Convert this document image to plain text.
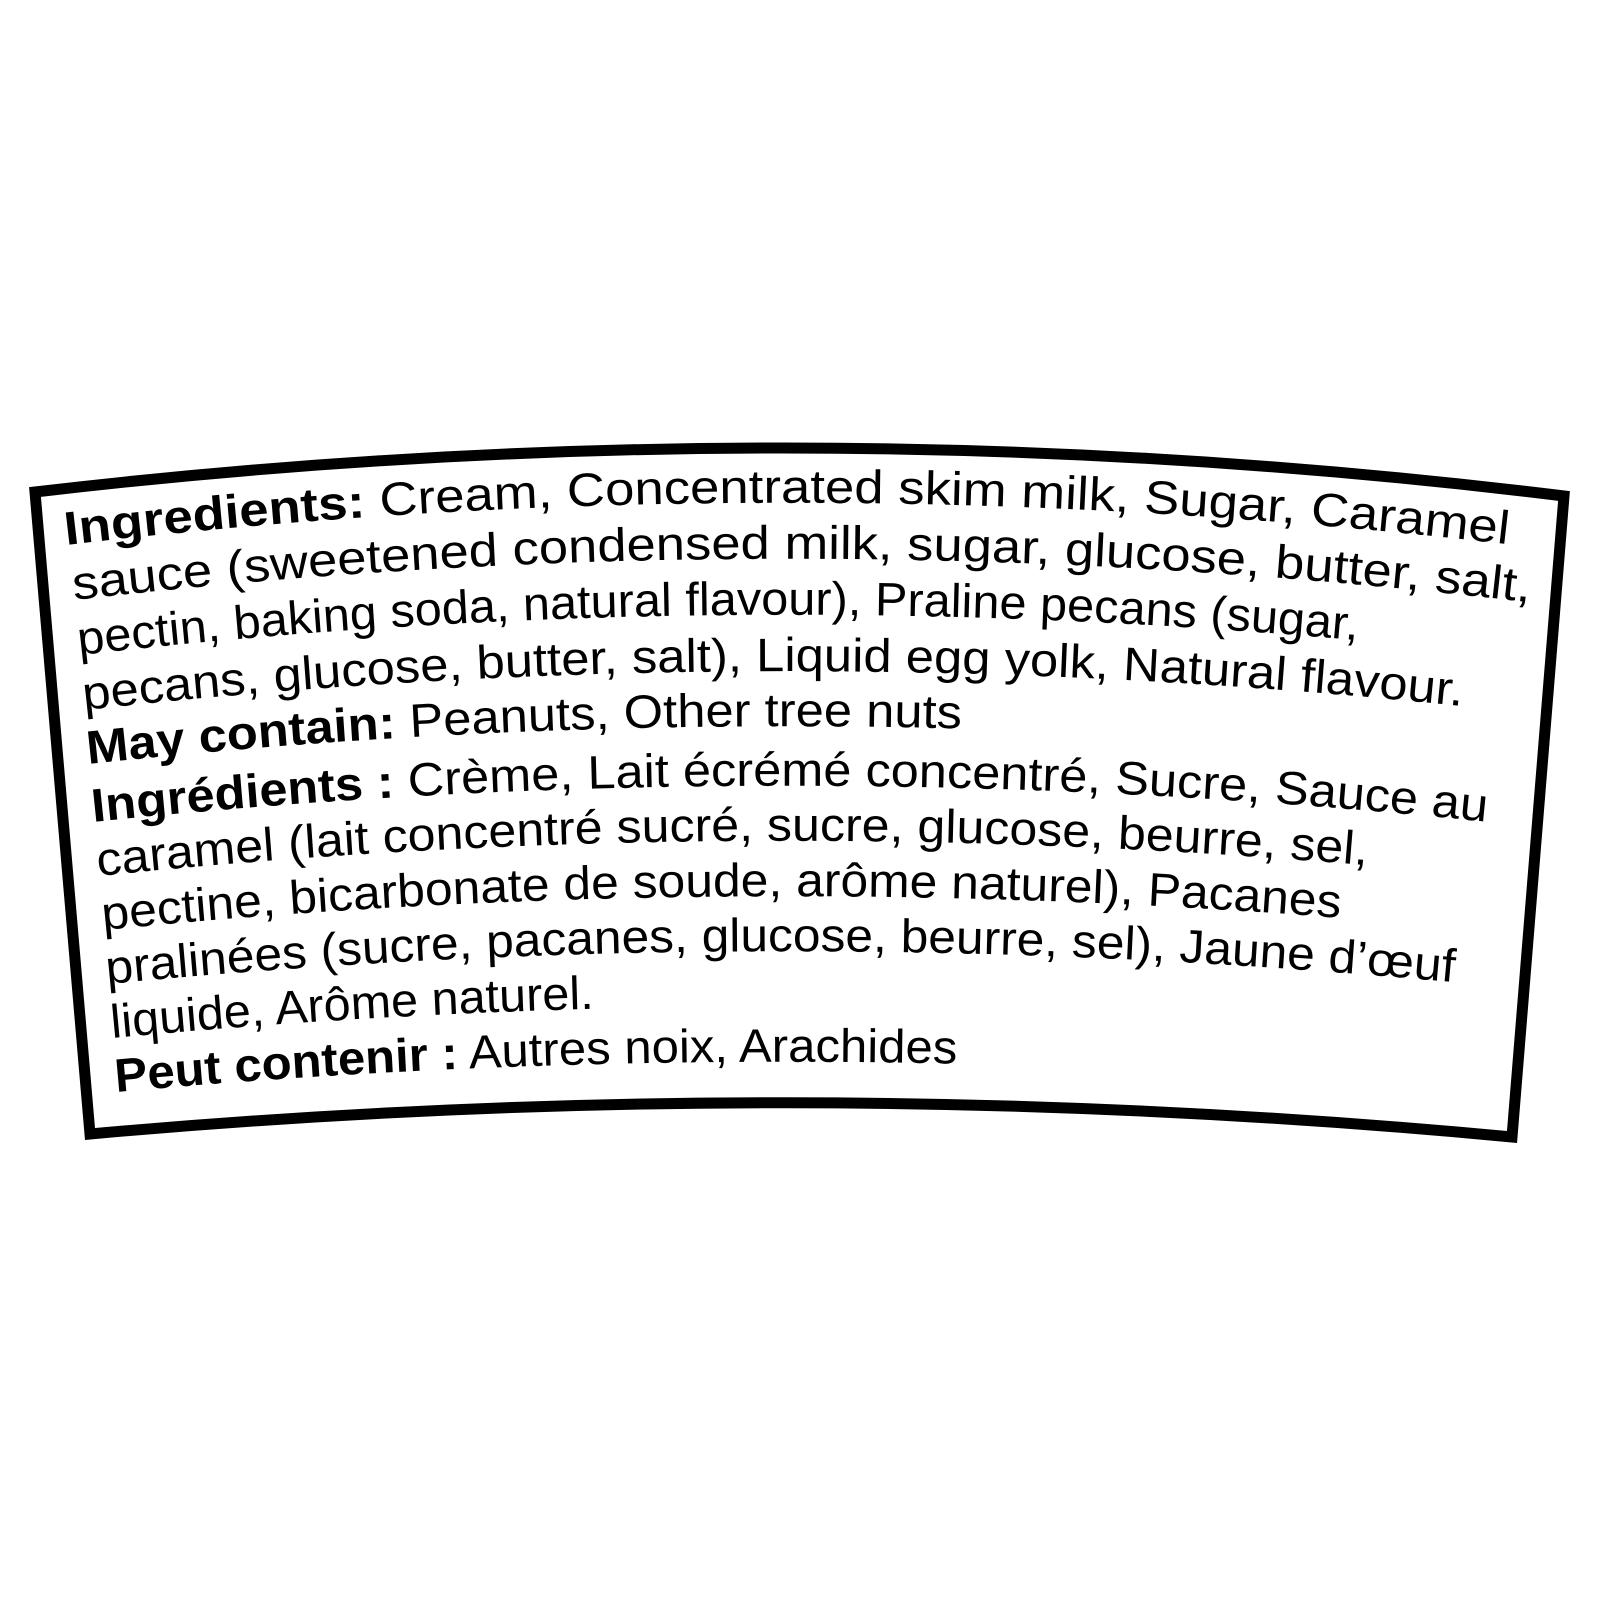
Ingredients: Cream, Concentrated skim milk, Sugar, Caramel
sauce (sweetened condensed milk, sugar, glucose, butter, salt,
pectin, baking soda, natural flavour), Praline pecans (sugar,
pecans, glucose, butter, salt), Liquid egg yolk, Natural flavour.
May contain: Peanuts, Other tree nuts
Ingrédients : Crème, Lait écrémé concentré, Sucre, Sauce au
caramel (lait concentré sucré, sucre, glucose, beurre, sel,
pectine, bicarbonate de soude, arôme naturel), Pacanes
pralinées (sucre, pacanes, glucose, beurre, sel), Jaune d’œuf
liquide, Arôme naturel.
Peut contenir : Autres noix, Arachides
